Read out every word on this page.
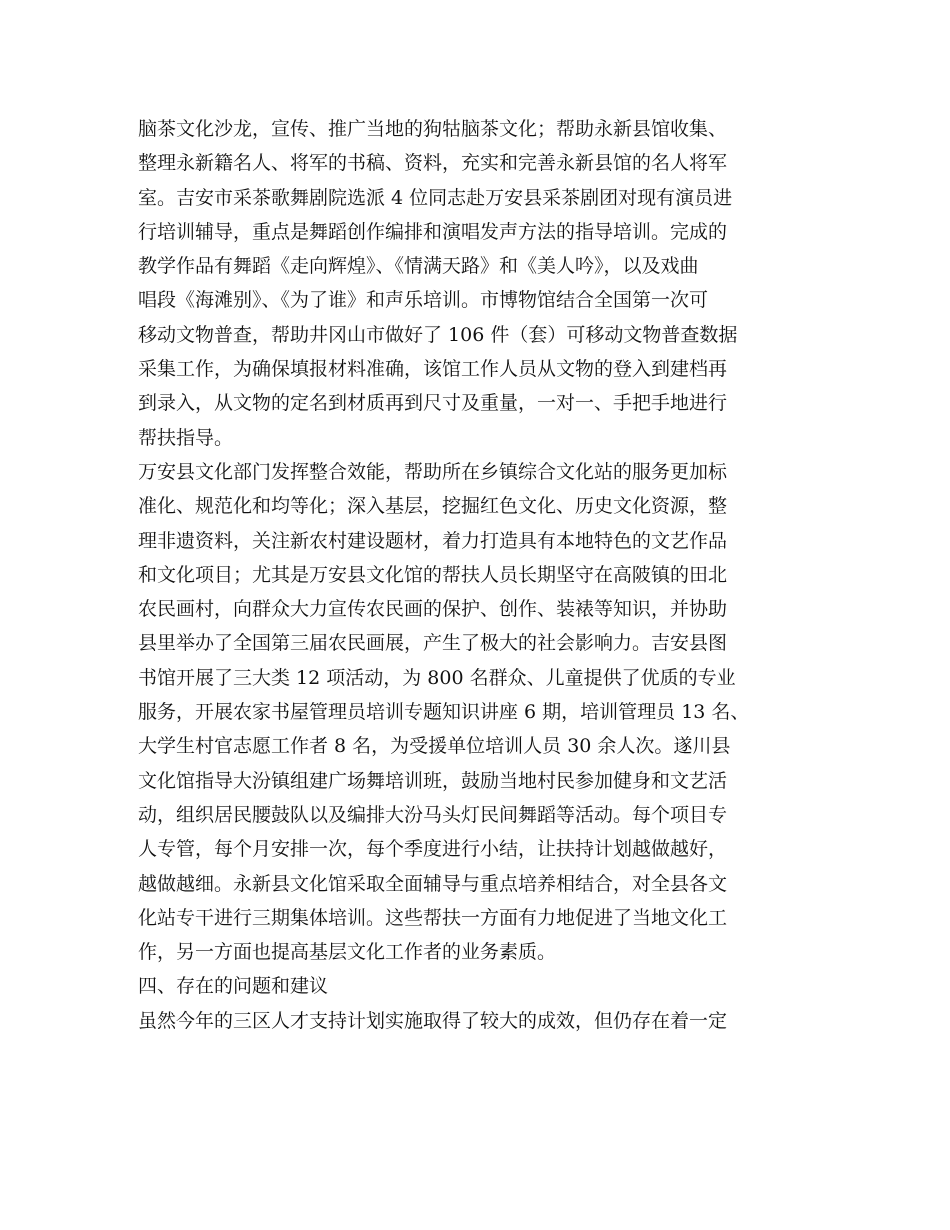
脑茶文化沙龙，宣传、推广当地的狗牯脑茶文化；帮助永新县馆收集、
整理永新籍名人、将军的书稿、资料，充实和完善永新县馆的名人将军
室。吉安市采茶歌舞剧院选派 4 位同志赴万安县采茶剧团对现有演员进
行培训辅导，重点是舞蹈创作编排和演唱发声方法的指导培训。完成的
教学作品有舞蹈《走向辉煌》、《情满天路》和《美人吟》，以及戏曲
唱段《海滩别》、《为了谁》和声乐培训。市博物馆结合全国第一次可
移动文物普查，帮助井冈山市做好了 106 件（套）可移动文物普查数据
采集工作，为确保填报材料准确，该馆工作人员从文物的登入到建档再
到录入，从文物的定名到材质再到尺寸及重量，一对一、手把手地进行
帮扶指导。
万安县文化部门发挥整合效能，帮助所在乡镇综合文化站的服务更加标
准化、规范化和均等化；深入基层，挖掘红色文化、历史文化资源，整
理非遗资料，关注新农村建设题材，着力打造具有本地特色的文艺作品
和文化项目；尤其是万安县文化馆的帮扶人员长期坚守在高陂镇的田北
农民画村，向群众大力宣传农民画的保护、创作、装裱等知识，并协助
县里举办了全国第三届农民画展，产生了极大的社会影响力。吉安县图
书馆开展了三大类 12 项活动，为 800 名群众、儿童提供了优质的专业
服务，开展农家书屋管理员培训专题知识讲座 6 期，培训管理员 13 名、
大学生村官志愿工作者 8 名，为受援单位培训人员 30 余人次。遂川县
文化馆指导大汾镇组建广场舞培训班，鼓励当地村民参加健身和文艺活
动，组织居民腰鼓队以及编排大汾马头灯民间舞蹈等活动。每个项目专
人专管，每个月安排一次，每个季度进行小结，让扶持计划越做越好，
越做越细。永新县文化馆采取全面辅导与重点培养相结合，对全县各文
化站专干进行三期集体培训。这些帮扶一方面有力地促进了当地文化工
作，另一方面也提高基层文化工作者的业务素质。
四、存在的问题和建议
虽然今年的三区人才支持计划实施取得了较大的成效，但仍存在着一定
